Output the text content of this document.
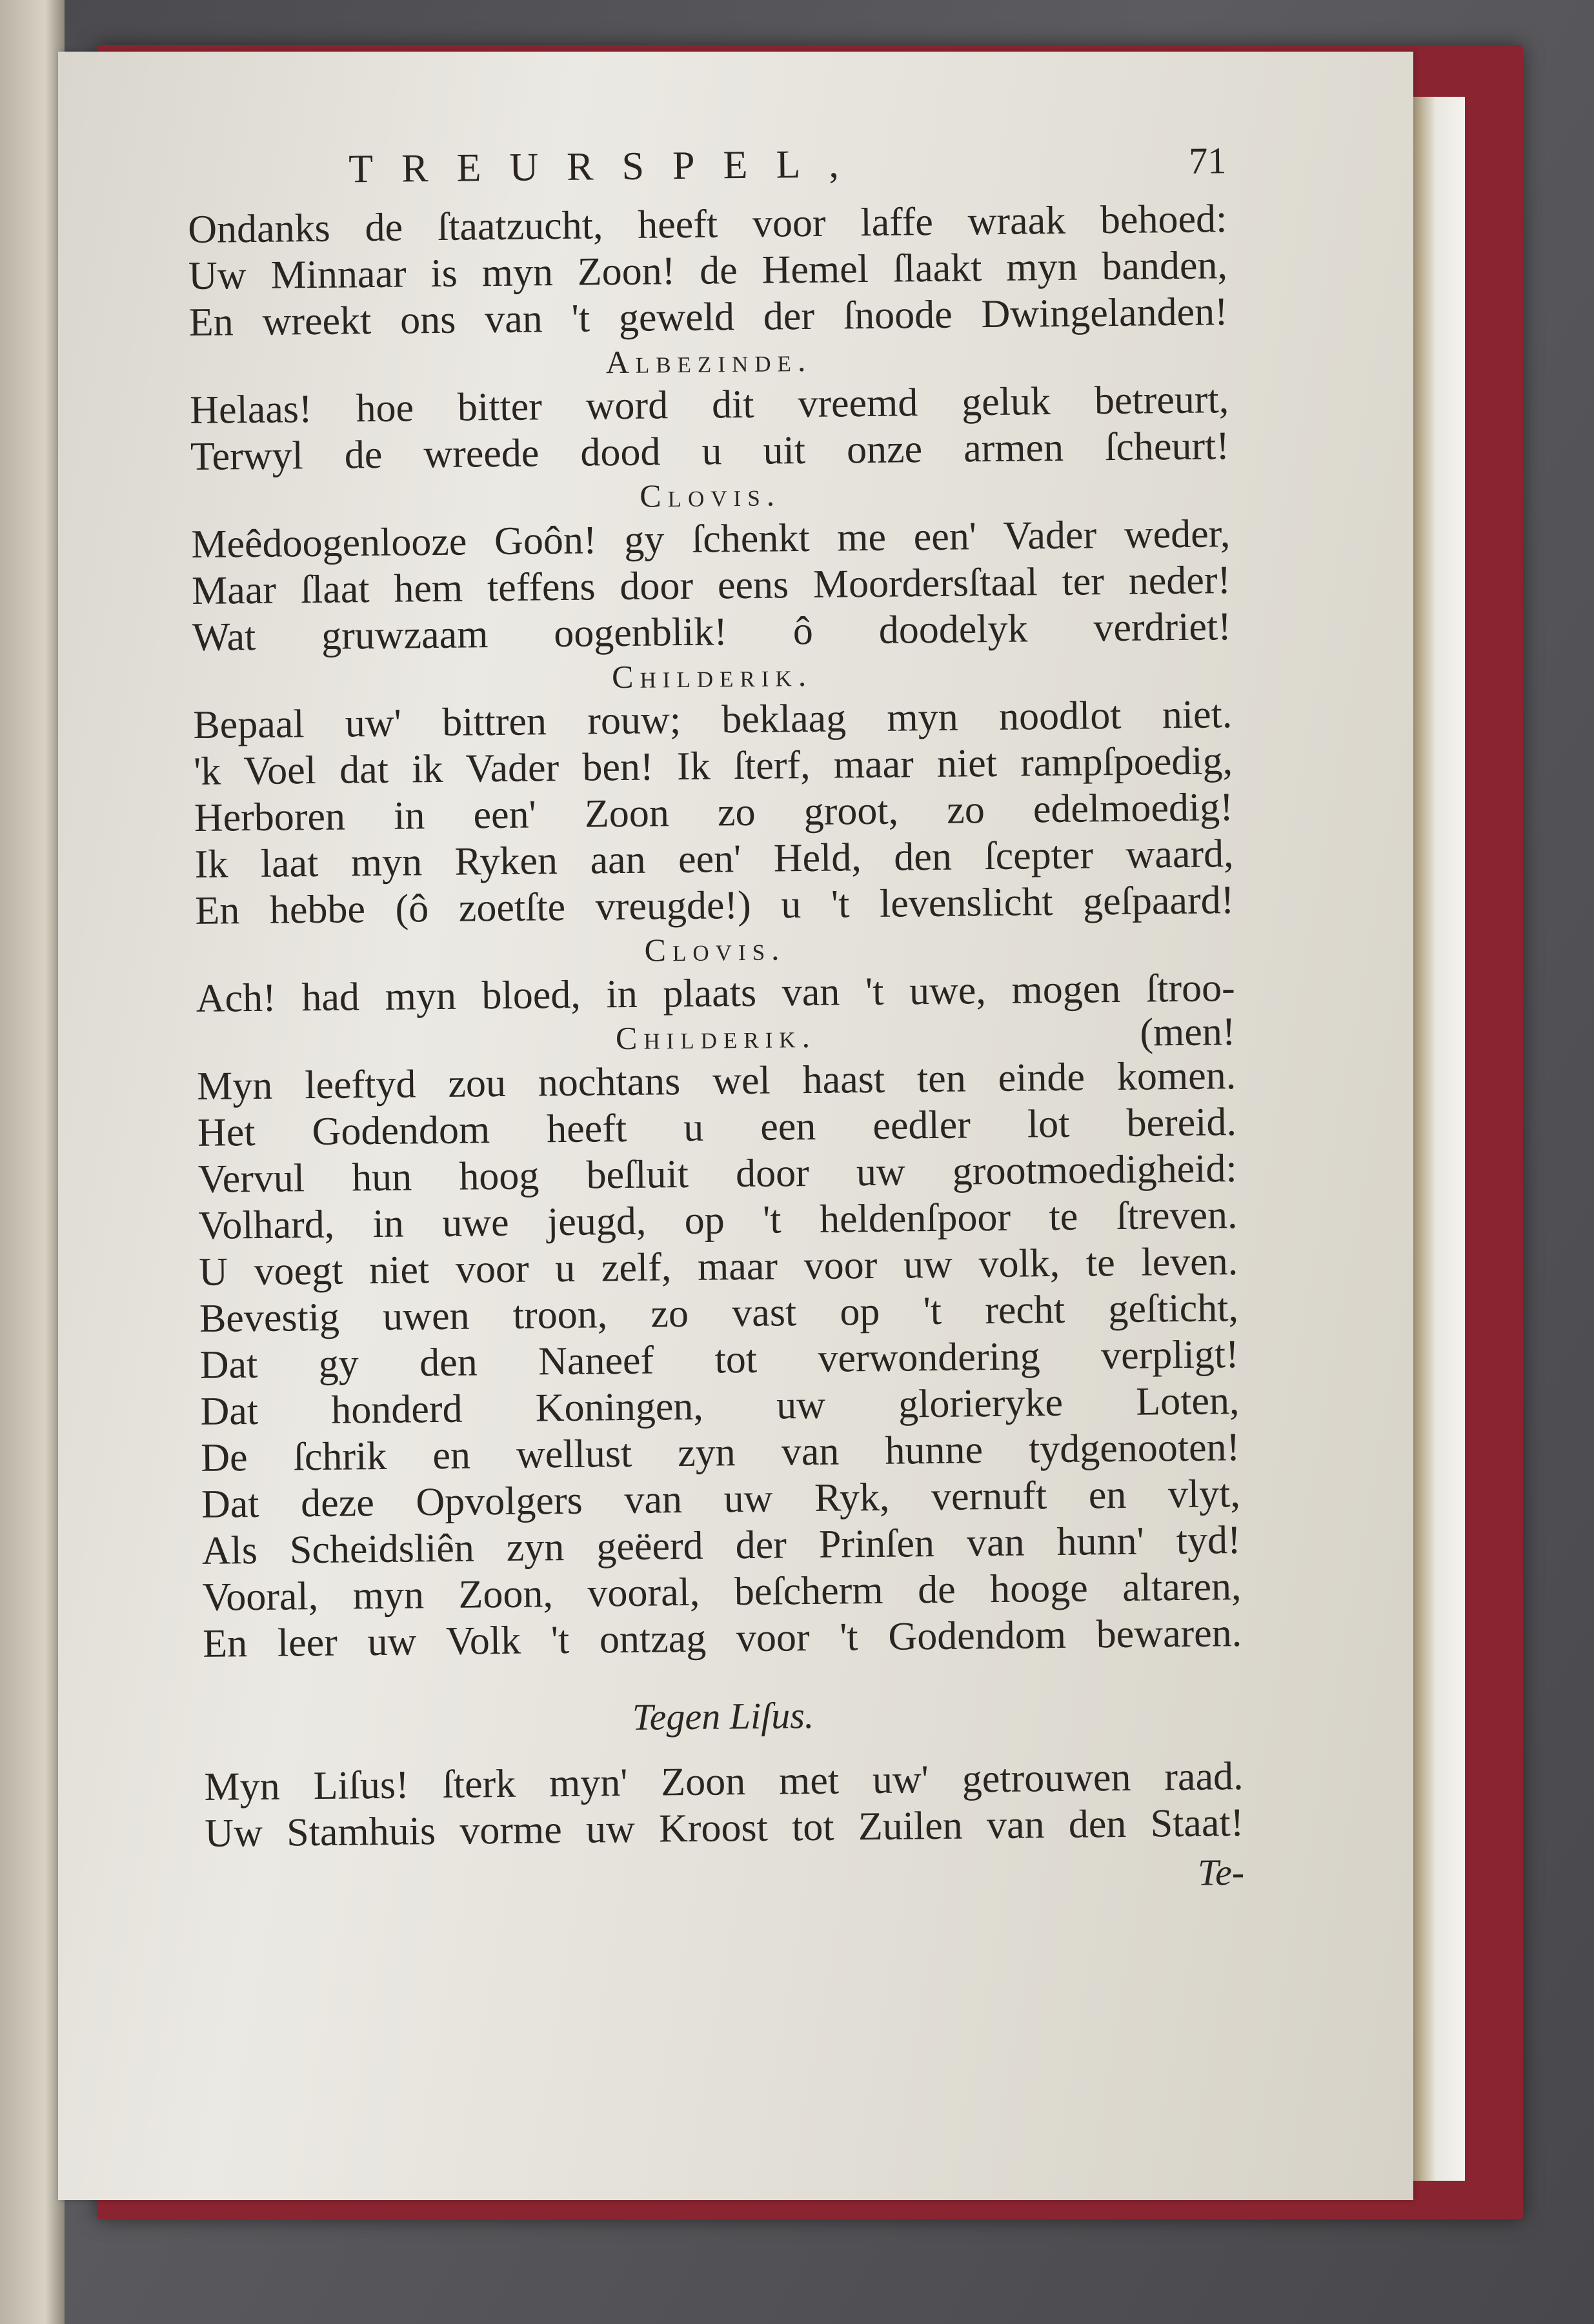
TREURSPEL,	71
Ondanks de ſtaatzucht, heeft voor laffe wraak behoed:
Uw Minnaar is myn Zoon! de Hemel ſlaakt myn banden,
En wreekt ons van 't geweld der ſnoode Dwingelanden!
Albezinde.
Helaas! hoe bitter word dit vreemd geluk betreurt,
Terwyl de wreede dood u uit onze armen ſcheurt!
Clovis.
Meêdoogenlooze Goôn! gy ſchenkt me een' Vader weder,
Maar ſlaat hem teffens door eens Moordersſtaal ter neder!
Wat gruwzaam oogenblik! ô doodelyk verdriet!
Childerik.
Bepaal uw' bittren rouw; beklaag myn noodlot niet.
'k Voel dat ik Vader ben! Ik ſterf, maar niet rampſpoedig,
Herboren in een' Zoon zo groot, zo edelmoedig!
Ik laat myn Ryken aan een' Held, den ſcepter waard,
En hebbe (ô zoetſte vreugde!) u 't levenslicht geſpaard!
Clovis.
Ach! had myn bloed, in plaats van 't uwe, mogen ſtroo-
Childerik.	(men!
Myn leeftyd zou nochtans wel haast ten einde komen.
Het Godendom heeft u een eedler lot bereid.
Vervul hun hoog beſluit door uw grootmoedigheid:
Volhard, in uwe jeugd, op 't heldenſpoor te ſtreven.
U voegt niet voor u zelf, maar voor uw volk, te leven.
Bevestig uwen troon, zo vast op 't recht geſticht,
Dat gy den Naneef tot verwondering verpligt!
Dat honderd Koningen, uw glorieryke Loten,
De ſchrik en wellust zyn van hunne tydgenooten!
Dat deze Opvolgers van uw Ryk, vernuft en vlyt,
Als Scheidsliên zyn geëerd der Prinſen van hunn' tyd!
Vooral, myn Zoon, vooral, beſcherm de hooge altaren,
En leer uw Volk 't ontzag voor 't Godendom bewaren.
Tegen Liſus.
Myn Liſus! ſterk myn' Zoon met uw' getrouwen raad.
Uw Stamhuis vorme uw Kroost tot Zuilen van den Staat!
Te-
